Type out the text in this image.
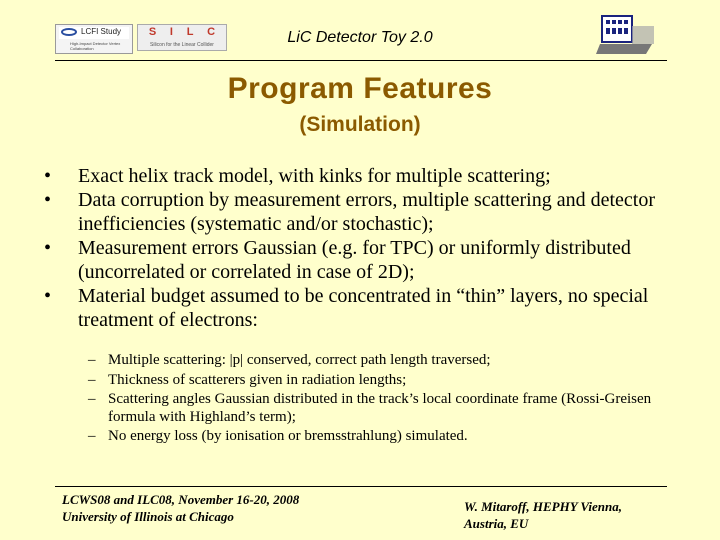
LCFI Study
High-Impact Detector Vertex Collaboration
S I L C
Silicon for the Linear Collider	LiC Detector Toy 2.0
Program Features
(Simulation)
• Exact helix track model, with kinks for multiple scattering;
• Data corruption by measurement errors, multiple scattering and detector inefficiencies (systematic and/or stochastic);
• Measurement errors Gaussian (e.g. for TPC) or uniformly distributed (uncorrelated or correlated in case of 2D);
• Material budget assumed to be concentrated in “thin” layers, no special treatment of electrons:
– Multiple scattering: |p| conserved, correct path length traversed;
– Thickness of scatterers given in radiation lengths;
– Scattering angles Gaussian distributed in the track’s local coordinate frame (Rossi-Greisen formula with Highland’s term);
– No energy loss (by ionisation or bremsstrahlung) simulated.
LCWS08 and ILC08, November 16-20, 2008
University of Illinois at Chicago
W. Mitaroff, HEPHY Vienna,
Austria, EU
